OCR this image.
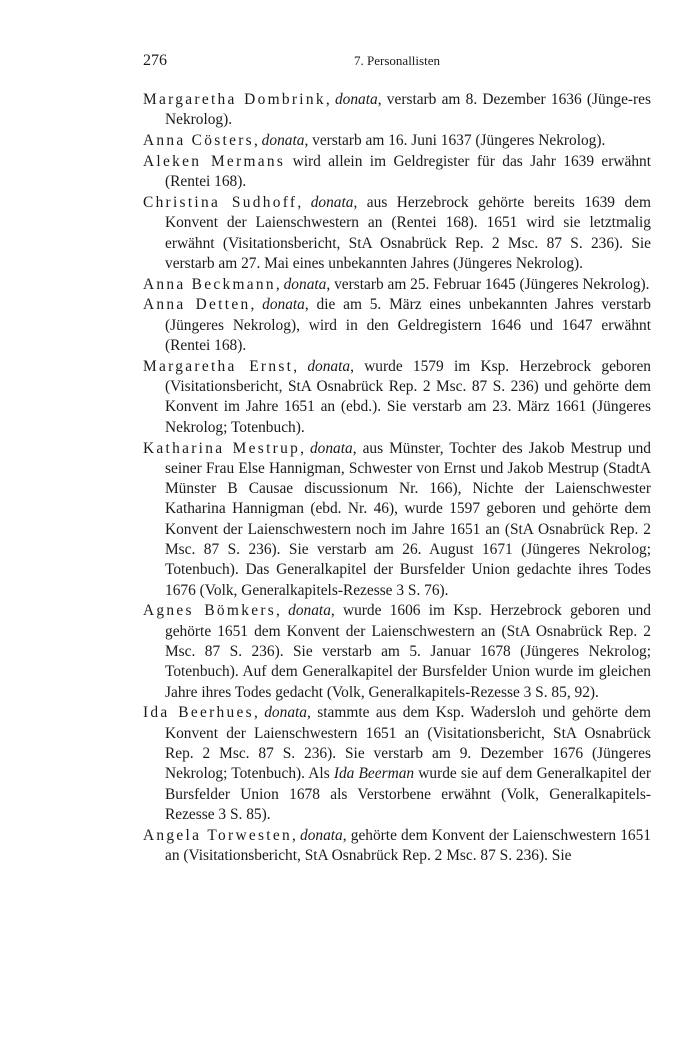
276	7. Personallisten

Margaretha Dombrink, donata, verstarb am 8. Dezember 1636 (Jünge-res Nekrolog).

Anna Cösters, donata, verstarb am 16. Juni 1637 (Jüngeres Nekrolog).

Aleken Mermans wird allein im Geldregister für das Jahr 1639 erwähnt (Rentei 168).

Christina Sudhoff, donata, aus Herzebrock gehörte bereits 1639 dem Konvent der Laienschwestern an (Rentei 168). 1651 wird sie letztmalig erwähnt (Visitationsbericht, StA Osnabrück Rep. 2 Msc. 87 S. 236). Sie verstarb am 27. Mai eines unbekannten Jahres (Jüngeres Nekrolog).

Anna Beckmann, donata, verstarb am 25. Februar 1645 (Jüngeres Nekrolog).

Anna Detten, donata, die am 5. März eines unbekannten Jahres verstarb (Jüngeres Nekrolog), wird in den Geldregistern 1646 und 1647 erwähnt (Rentei 168).

Margaretha Ernst, donata, wurde 1579 im Ksp. Herzebrock geboren (Visitationsbericht, StA Osnabrück Rep. 2 Msc. 87 S. 236) und gehörte dem Konvent im Jahre 1651 an (ebd.). Sie verstarb am 23. März 1661 (Jüngeres Nekrolog; Totenbuch).

Katharina Mestrup, donata, aus Münster, Tochter des Jakob Mestrup und seiner Frau Else Hannigman, Schwester von Ernst und Jakob Mestrup (StadtA Münster B Causae discussionum Nr. 166), Nichte der Laienschwester Katharina Hannigman (ebd. Nr. 46), wurde 1597 geboren und gehörte dem Konvent der Laienschwestern noch im Jahre 1651 an (StA Osnabrück Rep. 2 Msc. 87 S. 236). Sie verstarb am 26. August 1671 (Jüngeres Nekrolog; Totenbuch). Das Generalkapitel der Bursfelder Union gedachte ihres Todes 1676 (Volk, Generalkapitels-Rezesse 3 S. 76).

Agnes Bömkers, donata, wurde 1606 im Ksp. Herzebrock geboren und gehörte 1651 dem Konvent der Laienschwestern an (StA Osnabrück Rep. 2 Msc. 87 S. 236). Sie verstarb am 5. Januar 1678 (Jüngeres Nekrolog; Totenbuch). Auf dem Generalkapitel der Bursfelder Union wurde im gleichen Jahre ihres Todes gedacht (Volk, Generalkapitels-Rezesse 3 S. 85, 92).

Ida Beerhues, donata, stammte aus dem Ksp. Wadersloh und gehörte dem Konvent der Laienschwestern 1651 an (Visitationsbericht, StA Osnabrück Rep. 2 Msc. 87 S. 236). Sie verstarb am 9. Dezember 1676 (Jüngeres Nekrolog; Totenbuch). Als Ida Beerman wurde sie auf dem Generalkapitel der Bursfelder Union 1678 als Verstorbene erwähnt (Volk, Generalkapitels-Rezesse 3 S. 85).

Angela Torwesten, donata, gehörte dem Konvent der Laienschwestern 1651 an (Visitationsbericht, StA Osnabrück Rep. 2 Msc. 87 S. 236). Sie
